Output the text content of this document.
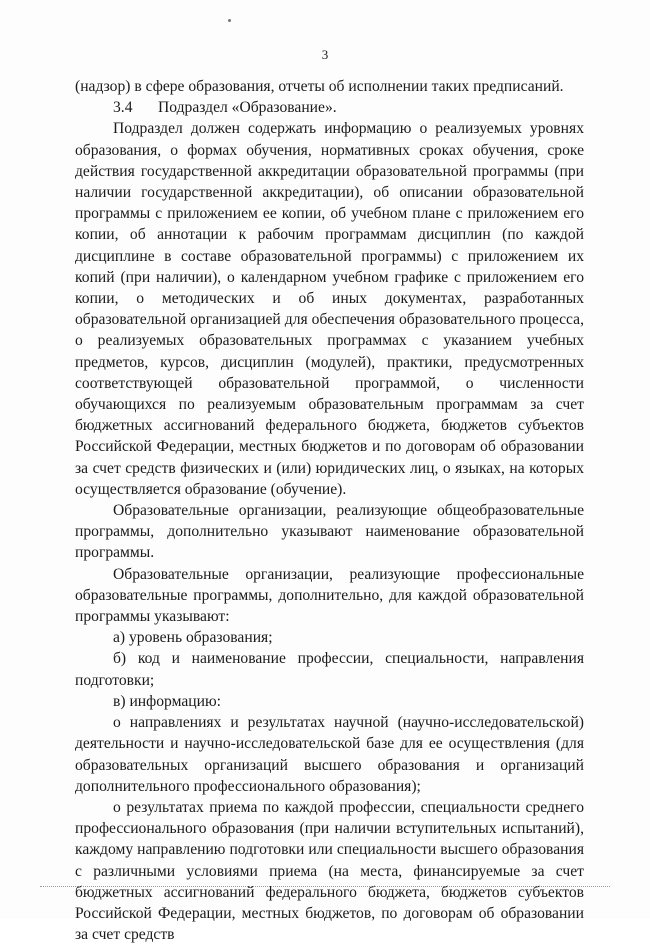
3

(надзор) в сфере образования, отчеты об исполнении таких предписаний.

3.4 Подраздел «Образование».

Подраздел должен содержать информацию о реализуемых уровнях образования, о формах обучения, нормативных сроках обучения, сроке действия государственной аккредитации образовательной программы (при наличии государственной аккредитации), об описании образовательной программы с приложением ее копии, об учебном плане с приложением его копии, об аннотации к рабочим программам дисциплин (по каждой дисциплине в составе образовательной программы) с приложением их копий (при наличии), о календарном учебном графике с приложением его копии, о методических и об иных документах, разработанных образовательной организацией для обеспечения образовательного процесса, о реализуемых образовательных программах с указанием учебных предметов, курсов, дисциплин (модулей), практики, предусмотренных соответствующей образовательной программой, о численности обучающихся по реализуемым образовательным программам за счет бюджетных ассигнований федерального бюджета, бюджетов субъектов Российской Федерации, местных бюджетов и по договорам об образовании за счет средств физических и (или) юридических лиц, о языках, на которых осуществляется образование (обучение).

Образовательные организации, реализующие общеобразовательные программы, дополнительно указывают наименование образовательной программы.

Образовательные организации, реализующие профессиональные образовательные программы, дополнительно, для каждой образовательной программы указывают:

а) уровень образования;

б) код и наименование профессии, специальности, направления подготовки;

в) информацию:

о направлениях и результатах научной (научно-исследовательской) деятельности и научно-исследовательской базе для ее осуществления (для образовательных организаций высшего образования и организаций дополнительного профессионального образования);

о результатах приема по каждой профессии, специальности среднего профессионального образования (при наличии вступительных испытаний), каждому направлению подготовки или специальности высшего образования с различными условиями приема (на места, финансируемые за счет бюджетных ассигнований федерального бюджета, бюджетов субъектов Российской Федерации, местных бюджетов, по договорам об образовании за счет средств
